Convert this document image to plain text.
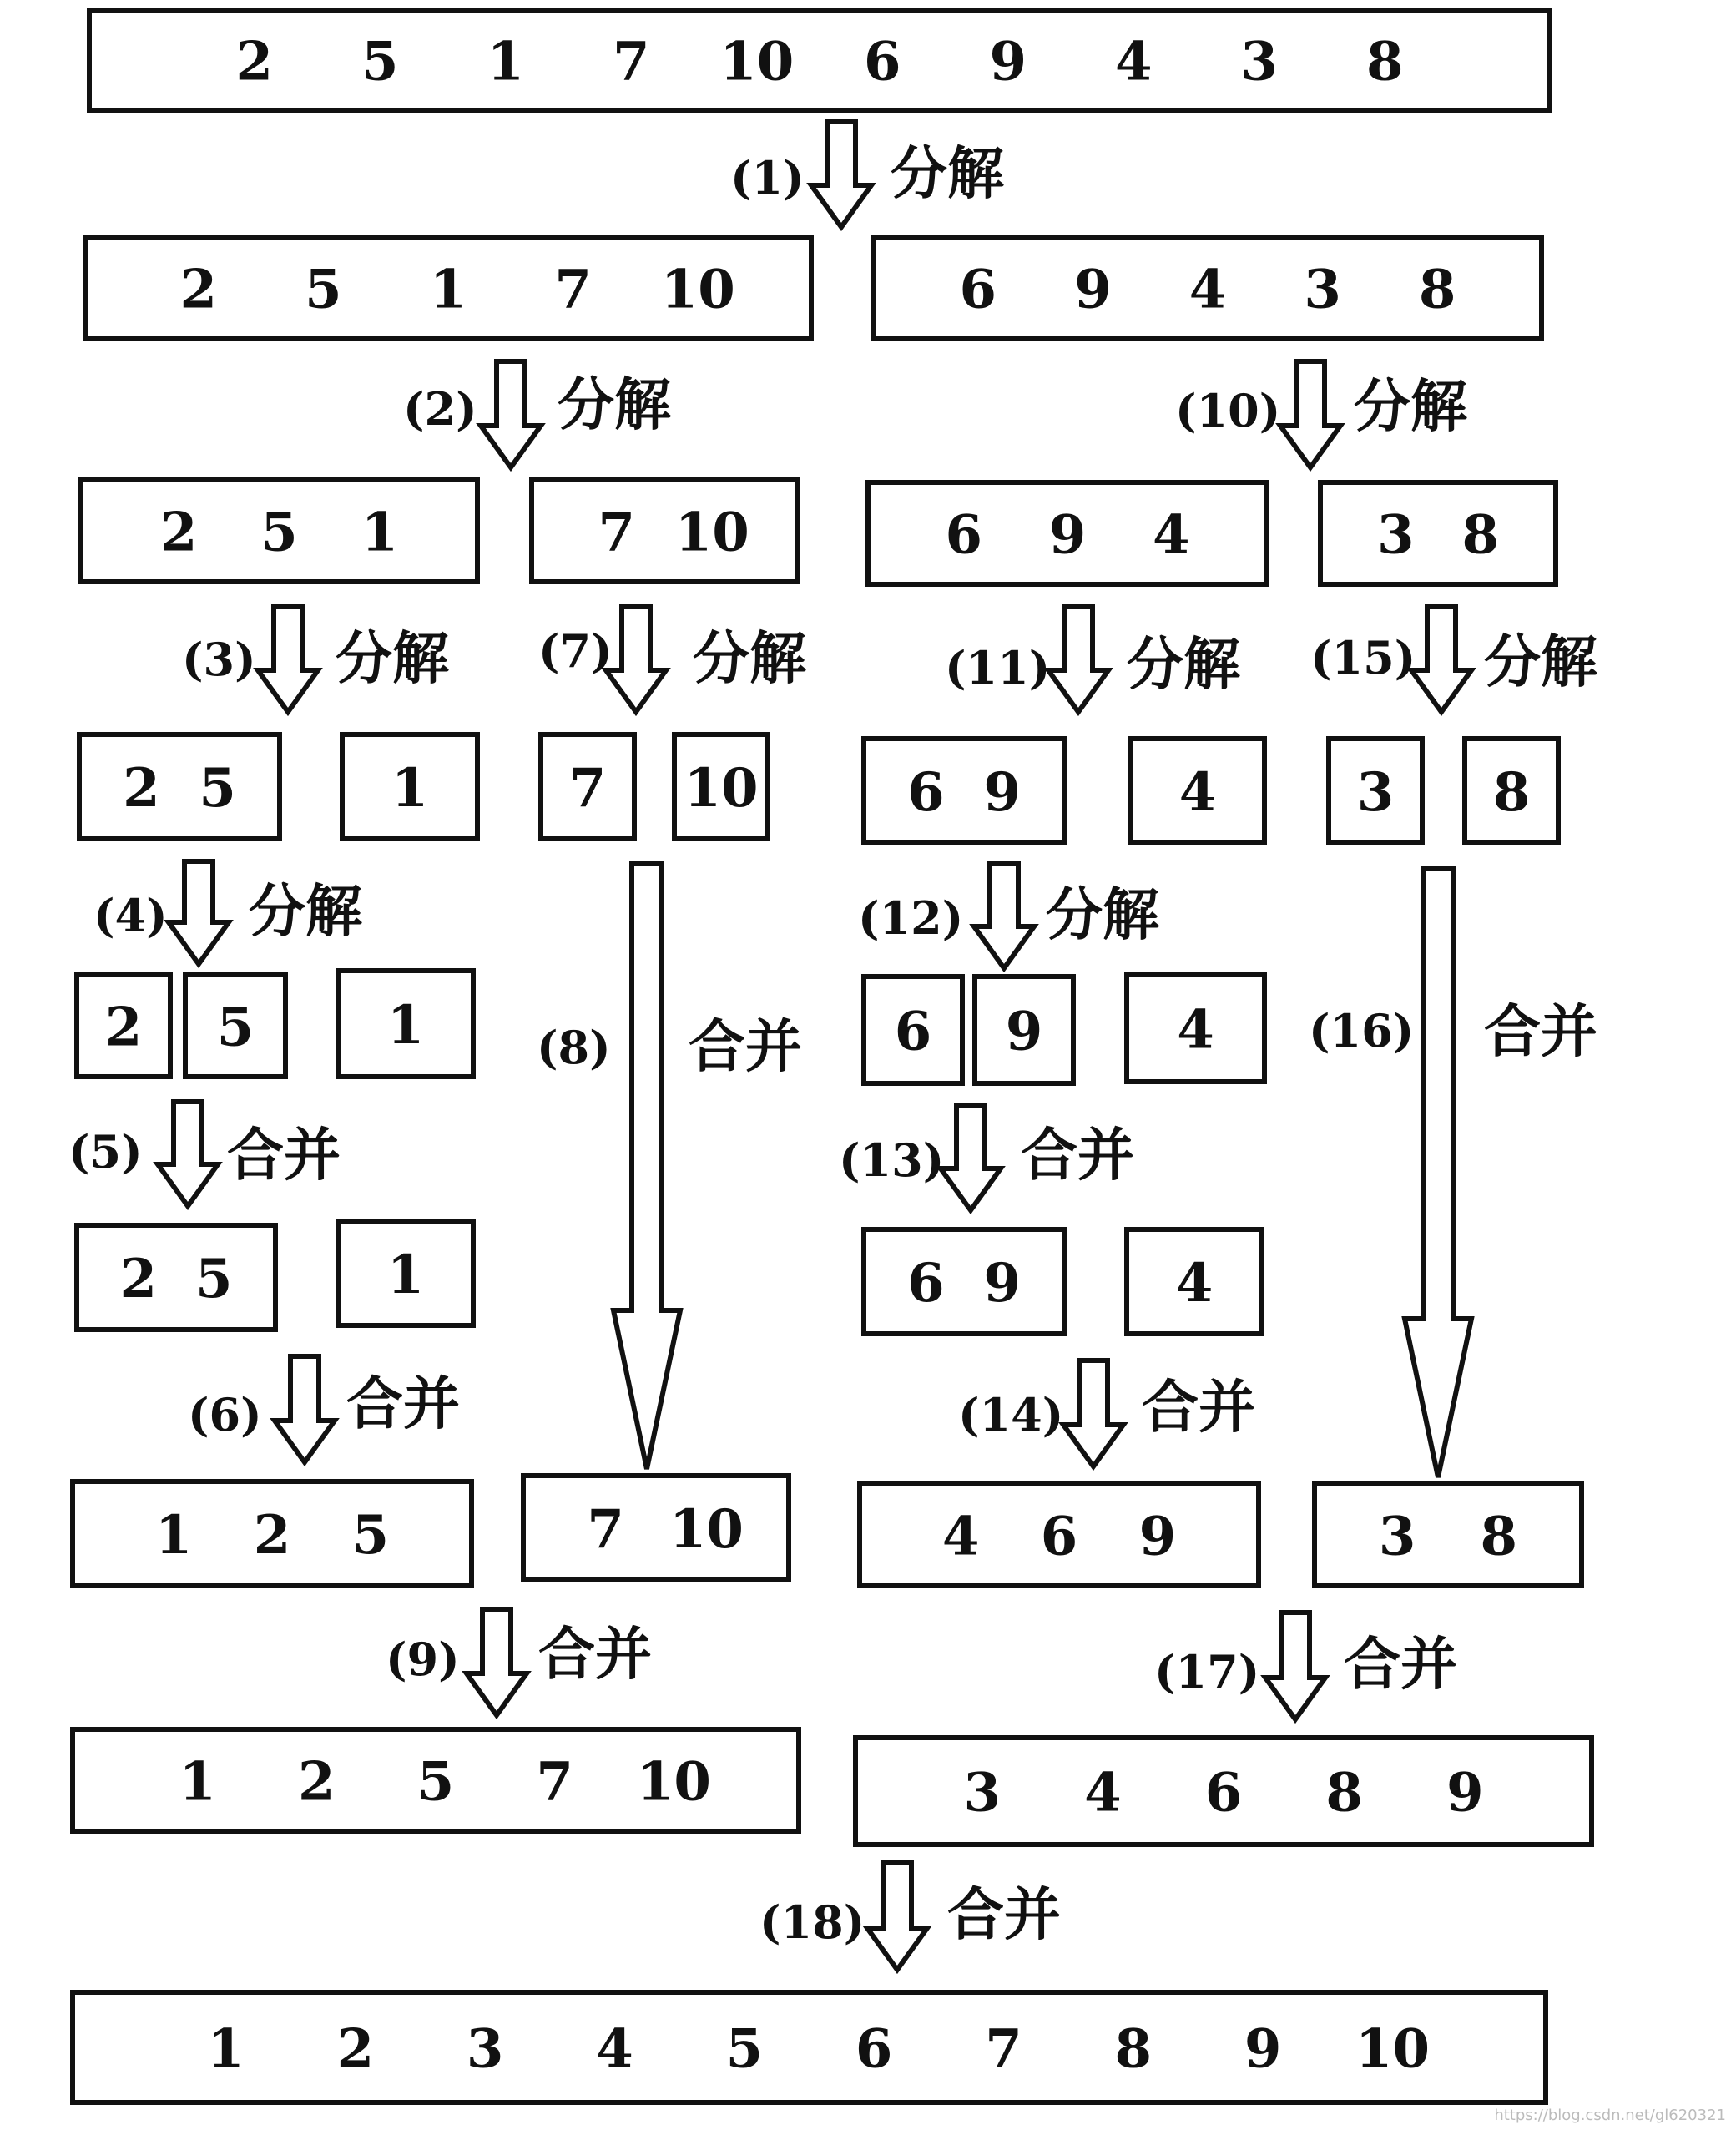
2 5 1 7 10 6 9 4 3 8
2 5 1 7 10	6 9 4 3 8
2 5 1	7 10	6 9 4	3 8
2 5	1	7 10	6 9	4	3 8
2 5 1	6 9	4
2 5	1	6 9	4
1 2 5	7 10	4 6 9	3 8
1 2 5 7 10	3 4 6 8 9
1 2 3 4 5 6 7 8 9 10
(1) 分解
(2) 分解	(10) 分解
(3) 分解 (7) 分解	(11) 分解 (15) 分解
(4) 分解	(12) 分解
(5) 合并	(13) 合并
(6) 合并	(14) 合并
(8) 合并	(16) 合并
(9) 合并	(17) 合并
(18) 合并
https://blog.csdn.net/gl620321
